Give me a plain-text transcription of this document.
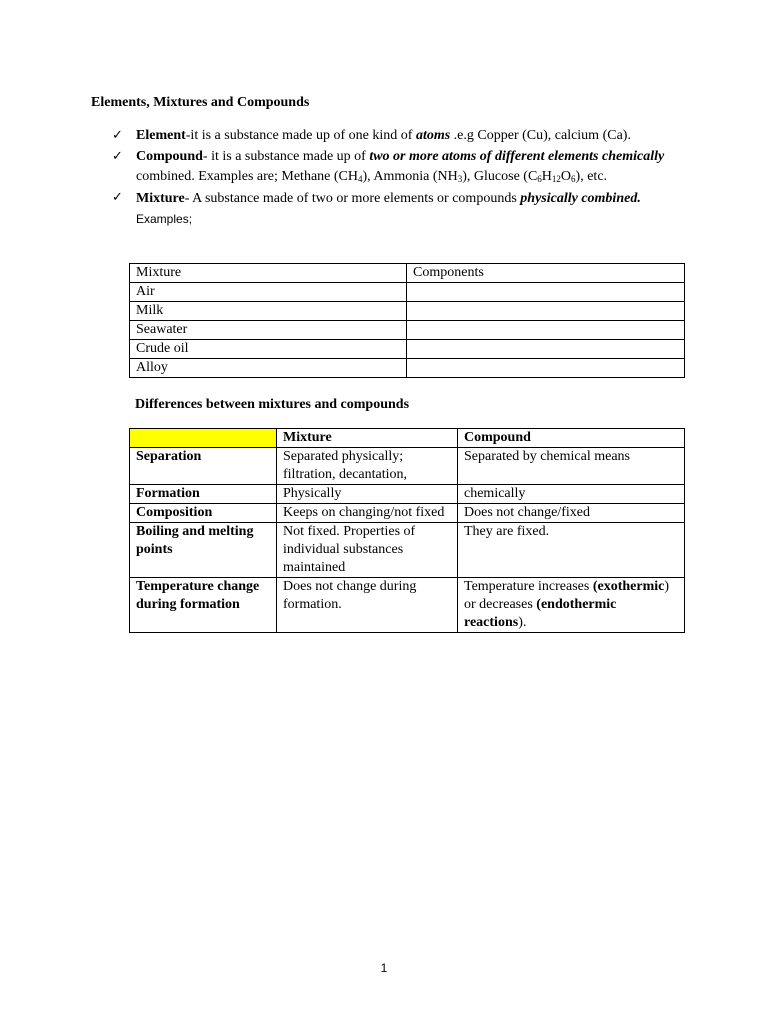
Elements, Mixtures and Compounds
✓ Element-it is a substance made up of one kind of atoms .e.g Copper (Cu), calcium (Ca).
✓ Compound- it is a substance made up of two or more atoms of different elements chemically combined. Examples are; Methane $(CH_4)$, Ammonia $(NH_3)$, Glucose $(C_6H_{12}O_6)$, etc.
✓ Mixture- A substance made of two or more elements or compounds physically combined. Examples;
Mixture	Components
Air	
Milk	
Seawater	
Crude oil	
Alloy	
Differences between mixtures and compounds
	Mixture	Compound
Separation	Separated physically; filtration, decantation,	Separated by chemical means
Formation	Physically	chemically
Composition	Keeps on changing/not fixed	Does not change/fixed
Boiling and melting points	Not fixed. Properties of individual substances maintained	They are fixed.
Temperature change during formation	Does not change during formation.	Temperature increases (exothermic) or decreases (endothermic reactions).
1
